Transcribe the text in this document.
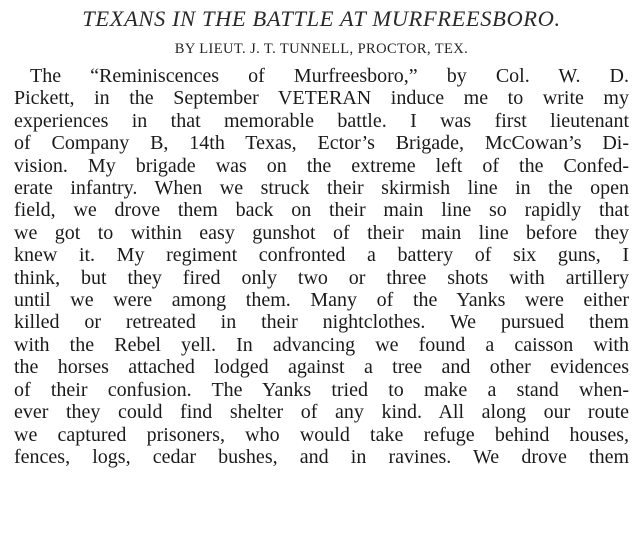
TEXANS IN THE BATTLE AT MURFREESBORO.
BY LIEUT. J. T. TUNNELL, PROCTOR, TEX.
The “Reminiscences of Murfreesboro,” by Col. W. D.
Pickett, in the September VETERAN induce me to write my
experiences in that memorable battle. I was first lieutenant
of Company B, 14th Texas, Ector’s Brigade, McCowan’s Di-
vision. My brigade was on the extreme left of the Confed-
erate infantry. When we struck their skirmish line in the open
field, we drove them back on their main line so rapidly that
we got to within easy gunshot of their main line before they
knew it. My regiment confronted a battery of six guns, I
think, but they fired only two or three shots with artillery
until we were among them. Many of the Yanks were either
killed or retreated in their nightclothes. We pursued them
with the Rebel yell. In advancing we found a caisson with
the horses attached lodged against a tree and other evidences
of their confusion. The Yanks tried to make a stand when-
ever they could find shelter of any kind. All along our route
we captured prisoners, who would take refuge behind houses,
fences, logs, cedar bushes, and in ravines. We drove them
